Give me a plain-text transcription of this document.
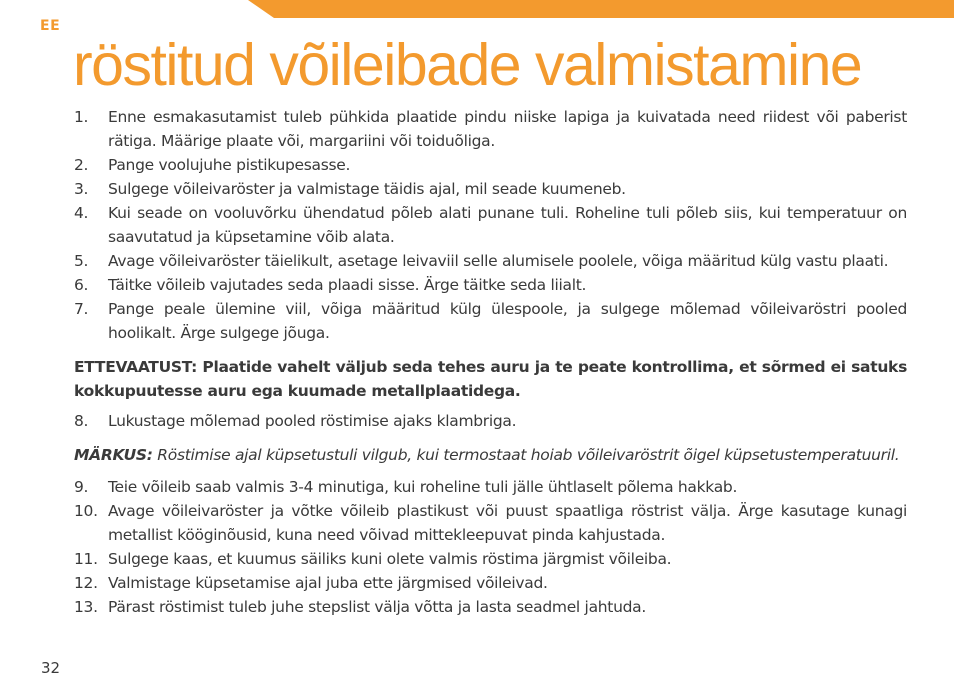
EE
röstitud võileibade valmistamine
1. Enne esmakasutamist tuleb pühkida plaatide pindu niiske lapiga ja kuivatada need riidest või paberist rätiga. Määrige plaate või, margariini või toiduõliga.
2. Pange voolujuhe pistikupesasse.
3. Sulgege võileivaröster ja valmistage täidis ajal, mil seade kuumeneb.
4. Kui seade on vooluvõrku ühendatud põleb alati punane tuli. Roheline tuli põleb siis, kui temperatuur on saavutatud ja küpsetamine võib alata.
5. Avage võileivaröster täielikult, asetage leivaviil selle alumisele poolele, võiga määritud külg vastu plaati.
6. Täitke võileib vajutades seda plaadi sisse. Ärge täitke seda liialt.
7. Pange peale ülemine viil, võiga määritud külg ülespoole, ja sulgege mõlemad võileivaröstri pooled hoolikalt. Ärge sulgege jõuga.

ETTEVAATUST: Plaatide vahelt väljub seda tehes auru ja te peate kontrollima, et sõrmed ei satuks kokkupuutesse auru ega kuumade metallplaatidega.

8. Lukustage mõlemad pooled röstimise ajaks klambriga.

MÄRKUS: Röstimise ajal küpsetustuli vilgub, kui termostaat hoiab võileivaröstrit õigel küpsetustemperatuuril.

9. Teie võileib saab valmis 3-4 minutiga, kui roheline tuli jälle ühtlaselt põlema hakkab.
10. Avage võileivaröster ja võtke võileib plastikust või puust spaatliga röstrist välja. Ärge kasutage kunagi metallist kööginõusid, kuna need võivad mittekleepuvat pinda kahjustada.
11. Sulgege kaas, et kuumus säiliks kuni olete valmis röstima järgmist võileiba.
12. Valmistage küpsetamise ajal juba ette järgmised võileivad.
13. Pärast röstimist tuleb juhe stepslist välja võtta ja lasta seadmel jahtuda.
32
